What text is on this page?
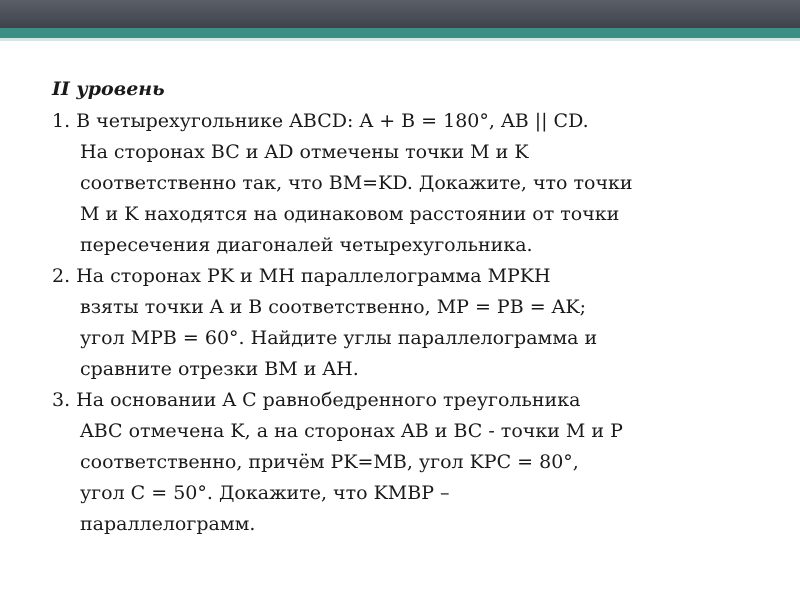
II уровень
1. В четырехугольнике ABCD: A + B = 180°, AB || CD.
На сторонах BC и AD отмечены точки M и K
соответственно так, что BM=KD. Докажите, что точки
M и K находятся на одинаковом расстоянии от точки
пересечения диагоналей четырехугольника.
2. На сторонах PK и MH параллелограмма MPKH
взяты точки A и B соответственно, MP = PB = AK;
угол MPB = 60°. Найдите углы параллелограмма и
сравните отрезки BM и AH.
3. На основании A C равнобедренного треугольника
ABC отмечена K, а на сторонах AB и BC - точки M и P
соответственно, причём PK=MB, угол KPC = 80°,
угол C = 50°. Докажите, что KMBP –
параллелограмм.
